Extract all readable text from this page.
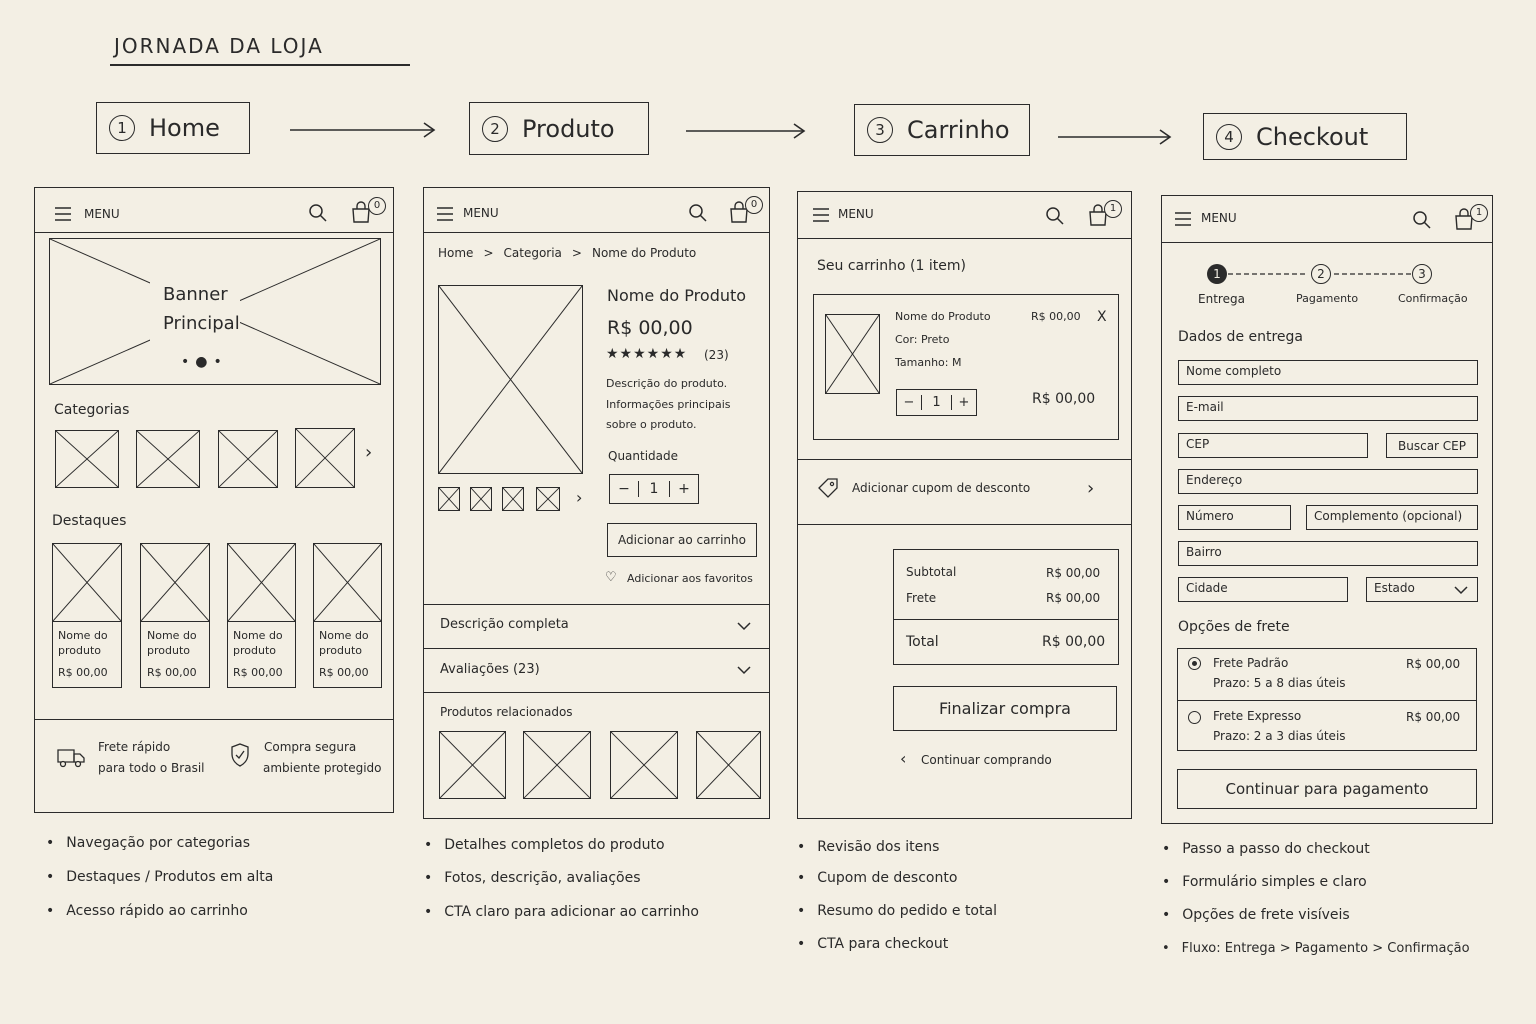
JORNADA DA LOJA
1 Home	2 Produto	3 Carrinho	4 Checkout
MENU
0
Banner
Principal
•●•
Categorias
›
Destaques
Nome do
produto
R$ 00,00
Nome do
produto
R$ 00,00
Nome do
produto
R$ 00,00
Nome do
produto
R$ 00,00
Frete rápido
para todo o Brasil
Compra segura
ambiente protegido
MENU
0
Home > Categoria > Nome do Produto
›
Nome do Produto
R$ 00,00
★★★★★★ (23)
Descrição do produto.
Informações principais
sobre o produto.
Quantidade
−	1	+
Adicionar ao carrinho
♡ Adicionar aos favoritos
Descrição completa
Avaliações (23)
Produtos relacionados
MENU	1
Seu carrinho (1 item)
Nome do Produto
Cor: Preto
Tamanho: M
R$ 00,00 X
−	1	+	R$ 00,00
Adicionar cupom de desconto	›
Subtotal	R$ 00,00
Frete	R$ 00,00
Total	R$ 00,00
Finalizar compra
‹ Continuar comprando
MENU	1
1	2	3
Entrega	Pagamento	Confirmação
Dados de entrega
Nome completo
E-mail
CEP	Buscar CEP
Endereço
Número	Complemento (opcional)
Bairro
Cidade	Estado
Opções de frete
Frete Padrão
Prazo: 5 a 8 dias úteis
R$ 00,00
Frete Expresso
Prazo: 2 a 3 dias úteis
R$ 00,00
Continuar para pagamento
• Navegação por categorias
• Destaques / Produtos em alta
• Acesso rápido ao carrinho
• Detalhes completos do produto
• Fotos, descrição, avaliações
• CTA claro para adicionar ao carrinho
• Revisão dos itens
• Cupom de desconto
• Resumo do pedido e total
• CTA para checkout
• Passo a passo do checkout
• Formulário simples e claro
• Opções de frete visíveis
• Fluxo: Entrega > Pagamento > Confirmação
